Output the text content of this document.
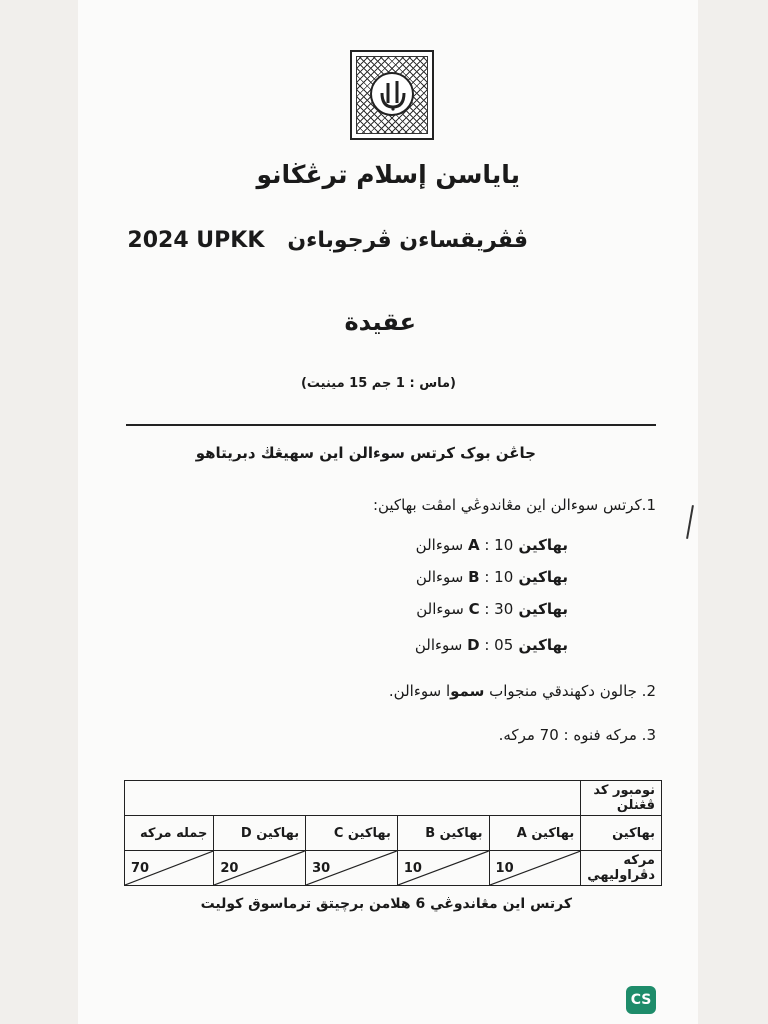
يايا‌سن إسلام ترڠڬانو
ڤڤريقسا‌ءن ڤرجوباءن   2024 UPKK
عقيدة
(ماس : 1 جم 15 مينيت)
جاڠن بوک کرتس سوءالن این سهيڠڬ دبريتاهو
1.کرتس سوءالن اين مڠاندوڠي امڤت بهاکين:
بهاکين A : 10 سوءالن
بهاکين B : 10 سوءالن
بهاکين C : 30 سوءالن
بهاکين D : 05 سوءالن
2. جالون دکهندقي منجواب سموا سوءالن.
3. مرکه فنوه : 70 مرکه.
نومبور کد ڤڠنلن					
بهاکين	بهاکين A	بهاکين B	بهاکين C	بهاکين D	جمله مرکه
مرکه دڤراوليهي	10	10	30	20	70
کرتس این مڠاندوڠي 6 هلامن برچيتق ترماسوق کوليت
CS
